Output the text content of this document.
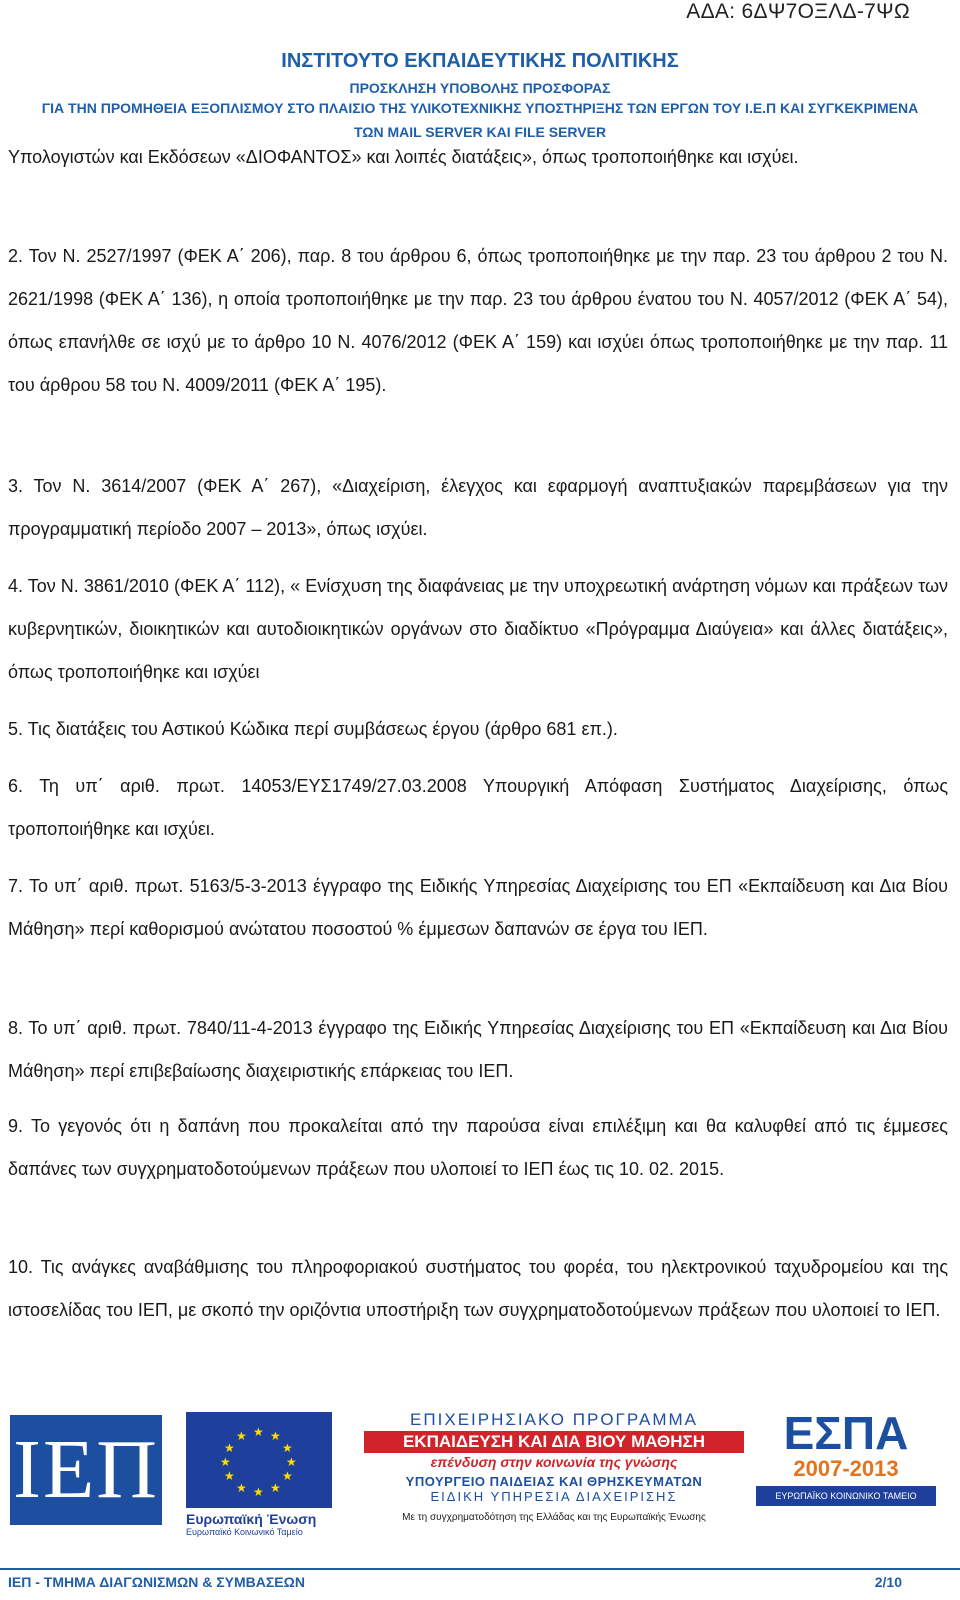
ΑΔΑ: 6ΔΨ7ΟΞΛΔ-7ΨΩ
ΙΝΣΤΙΤΟΥΤΟ ΕΚΠΑΙΔΕΥΤΙΚΗΣ ΠΟΛΙΤΙΚΗΣ
ΠΡΟΣΚΛΗΣΗ ΥΠΟΒΟΛΗΣ ΠΡΟΣΦΟΡΑΣ
ΓΙΑ ΤΗΝ ΠΡΟΜΗΘΕΙΑ ΕΞΟΠΛΙΣΜΟΥ ΣΤΟ ΠΛΑΙΣΙΟ ΤΗΣ ΥΛΙΚΟΤΕΧΝΙΚΗΣ ΥΠΟΣΤΗΡΙΞΗΣ ΤΩΝ ΕΡΓΩΝ ΤΟΥ Ι.Ε.Π ΚΑΙ ΣΥΓΚΕΚΡΙΜΕΝΑ
ΤΩΝ MAIL SERVER KAI FILE SERVER

Υπολογιστών και Εκδόσεων «ΔΙΟΦΑΝΤΟΣ» και λοιπές διατάξεις», όπως τροποποιήθηκε και ισχύει.

2. Τον Ν. 2527/1997 (ΦΕΚ Α΄ 206), παρ. 8 του άρθρου 6, όπως τροποποιήθηκε με την παρ. 23 του άρθρου 2 του Ν. 2621/1998 (ΦΕΚ Α΄ 136), η οποία τροποποιήθηκε με την παρ. 23 του άρθρου ένατου του Ν. 4057/2012 (ΦΕΚ Α΄ 54), όπως επανήλθε σε ισχύ με το άρθρο 10 Ν. 4076/2012 (ΦΕΚ Α΄ 159) και ισχύει όπως τροποποιήθηκε με την παρ. 11 του άρθρου 58 του Ν. 4009/2011 (ΦΕΚ Α΄ 195).

3. Τον Ν. 3614/2007 (ΦΕΚ Α΄ 267), «Διαχείριση, έλεγχος και εφαρμογή αναπτυξιακών παρεμβάσεων για την προγραμματική περίοδο 2007 – 2013», όπως ισχύει.

4. Τον Ν. 3861/2010 (ΦΕΚ Α΄ 112), « Ενίσχυση της διαφάνειας με την υποχρεωτική ανάρτηση νόμων και πράξεων των κυβερνητικών, διοικητικών και αυτοδιοικητικών οργάνων στο διαδίκτυο «Πρόγραμμα Διαύγεια» και άλλες διατάξεις», όπως τροποποιήθηκε και ισχύει

5. Τις διατάξεις του Αστικού Κώδικα περί συμβάσεως έργου (άρθρο 681 επ.).

6. Τη υπ΄ αριθ. πρωτ. 14053/ΕΥΣ1749/27.03.2008 Υπουργική Απόφαση Συστήματος Διαχείρισης, όπως τροποποιήθηκε και ισχύει.

7. Το υπ΄ αριθ. πρωτ. 5163/5-3-2013 έγγραφο της Ειδικής Υπηρεσίας Διαχείρισης του ΕΠ «Εκπαίδευση και Δια Βίου Μάθηση» περί καθορισμού ανώτατου ποσοστού % έμμεσων δαπανών σε έργα του ΙΕΠ.

8. Το υπ΄ αριθ. πρωτ. 7840/11-4-2013 έγγραφο της Ειδικής Υπηρεσίας Διαχείρισης του ΕΠ «Εκπαίδευση και Δια Βίου Μάθηση» περί επιβεβαίωσης διαχειριστικής επάρκειας του ΙΕΠ.

9. Το γεγονός ότι η δαπάνη που προκαλείται από την παρούσα είναι επιλέξιμη και θα καλυφθεί από τις έμμεσες δαπάνες των συγχρηματοδοτούμενων πράξεων που υλοποιεί το ΙΕΠ έως τις 10. 02. 2015.

10. Τις ανάγκες αναβάθμισης του πληροφοριακού συστήματος του φορέα, του ηλεκτρονικού ταχυδρομείου και της ιστοσελίδας του ΙΕΠ, με σκοπό την οριζόντια υποστήριξη των συγχρηματοδοτούμενων πράξεων που υλοποιεί το ΙΕΠ.

ΙΕΠ	★ ★
★
★
★
★
★
★
★
★
★
★
Ευρωπαϊκή Ένωση
Ευρωπαϊκό Κοινωνικό Ταμείο
ΕΠΙΧΕΙΡΗΣΙΑΚΟ ΠΡΟΓΡΑΜΜΑ
ΕΚΠΑΙΔΕΥΣΗ ΚΑΙ ΔΙΑ ΒΙΟΥ ΜΑΘΗΣΗ
επένδυση στην κοινωνία της γνώσης
ΥΠΟΥΡΓΕΙΟ ΠΑΙΔΕΙΑΣ ΚΑΙ ΘΡΗΣΚΕΥΜΑΤΩΝ
ΕΙΔΙΚΗ ΥΠΗΡΕΣΙΑ ΔΙΑΧΕΙΡΙΣΗΣ
Με τη συγχρηματοδότηση της Ελλάδας και της Ευρωπαϊκής Ένωσης
ΕΣΠΑ
2007-2013
ΕΥΡΩΠΑΪΚΟ ΚΟΙΝΩΝΙΚΟ ΤΑΜΕΙΟ
ΙΕΠ - ΤΜΗΜΑ ΔΙΑΓΩΝΙΣΜΩΝ & ΣΥΜΒΑΣΕΩΝ	2/10
